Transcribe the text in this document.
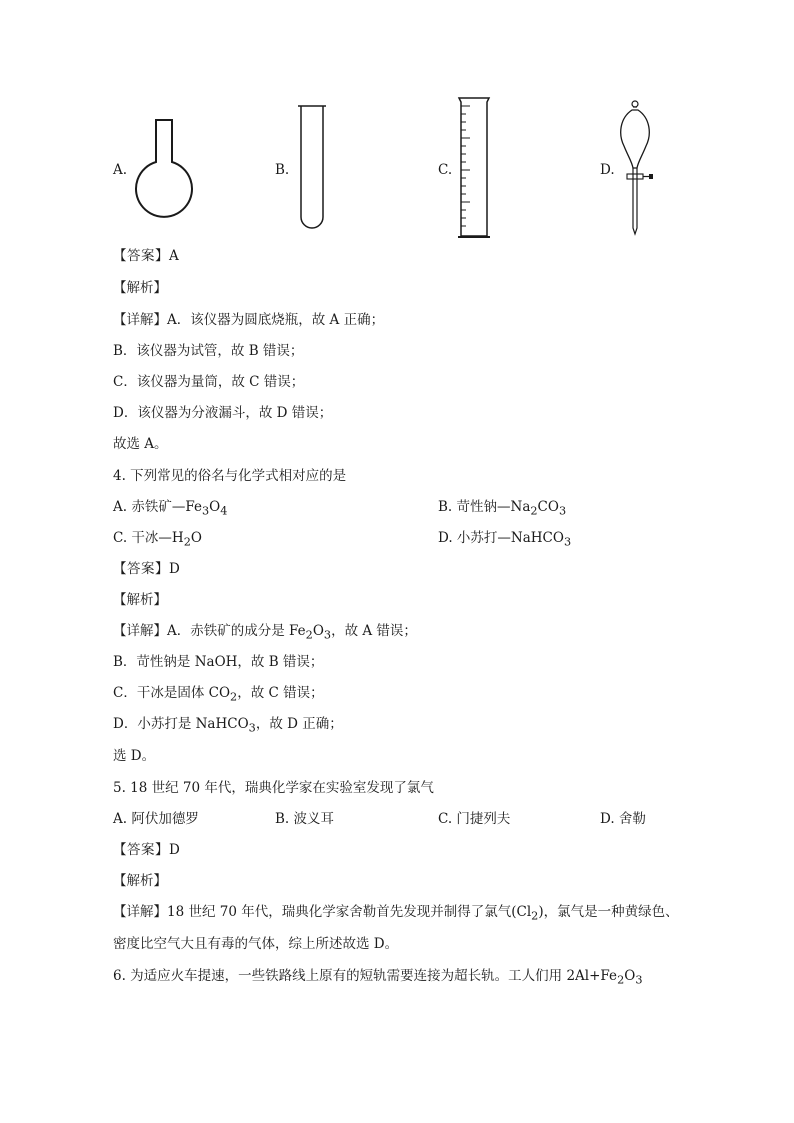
A.	B.	C.	D.
【答案】A
【解析】
【详解】A．该仪器为圆底烧瓶，故 A 正确；
B．该仪器为试管，故 B 错误；
C．该仪器为量筒，故 C 错误；
D．该仪器为分液漏斗，故 D 错误；
故选 A。
4. 下列常见的俗名与化学式相对应的是
A. 赤铁矿$—Fe_3O_4$	B. 苛性钠$—Na_2CO_3$
C. 干冰$—H_2O$	D. 小苏打—NaHCO$_3$
【答案】D
【解析】
【详解】A．赤铁矿的成分是 $Fe_2O_3$，故 A 错误；
B．苛性钠是 NaOH，故 B 错误；
C．干冰是固体 $CO_2$，故 C 错误；
D．小苏打是 NaHCO$_3$，故 D 正确；
选 D。
5. 18 世纪 70 年代，瑞典化学家在实验室发现了氯气
A. 阿伏加德罗	B. 波义耳	C. 门捷列夫	D. 舍勒
【答案】D
【解析】
【详解】18 世纪 70 年代，瑞典化学家舍勒首先发现并制得了氯气$(Cl_2)$，氯气是一种黄绿色、
密度比空气大且有毒的气体，综上所述故选 D。
6. 为适应火车提速，一些铁路线上原有的短轨需要连接为超长轨。工人们用 $2Al+Fe_2O_3$
